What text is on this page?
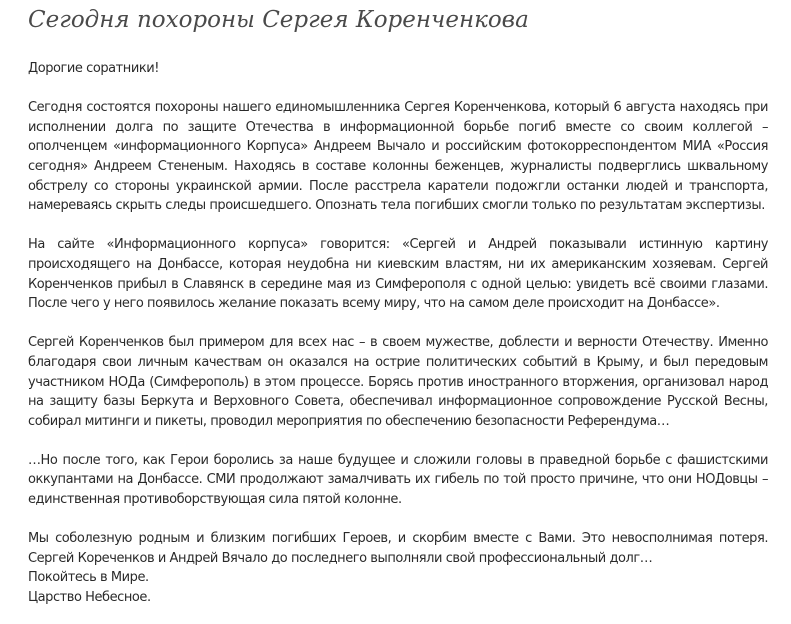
Сегодня похороны Сергея Коренченкова

Дорогие соратники!

Сегодня состоятся похороны нашего единомышленника Сергея Коренченкова, который 6 августа находясь при исполнении долга по защите Отечества в информационной борьбе погиб вместе со своим коллегой – ополченцем «информационного Корпуса» Андреем Вычало и российским фотокорреспондентом МИА «Россия сегодня» Андреем Стененым. Находясь в составе колонны беженцев, журналисты подверглись шквальному обстрелу со стороны украинской армии. После расстрела каратели подожгли останки людей и транспорта, намереваясь скрыть следы происшедшего. Опознать тела погибших смогли только по результатам экспертизы.

На сайте «Информационного корпуса» говорится: «Сергей и Андрей показывали истинную картину происходящего на Донбассе, которая неудобна ни киевским властям, ни их американским хозяевам. Сергей Коренченков прибыл в Славянск в середине мая из Симферополя с одной целью: увидеть всё своими глазами. После чего у него появилось желание показать всему миру, что на самом деле происходит на Донбассе».

Сергей Коренченков был примером для всех нас – в своем мужестве, доблести и верности Отечеству. Именно благодаря свои личным качествам он оказался на острие политических событий в Крыму, и был передовым участником НОДа (Симферополь) в этом процессе. Борясь против иностранного вторжения, организовал народ на защиту базы Беркута и Верховного Совета, обеспечивал информационное сопровождение Русской Весны, собирал митинги и пикеты, проводил мероприятия по обеспечению безопасности Референдума…

…Но после того, как Герои боролись за наше будущее и сложили головы в праведной борьбе с фашистскими оккупантами на Донбассе. СМИ продолжают замалчивать их гибель по той просто причине, что они НОДовцы – единственная противоборствующая сила пятой колонне.

Мы соболезную родным и близким погибших Героев, и скорбим вместе с Вами. Это невосполнимая потеря. Сергей Кореченков и Андрей Вячало до последнего выполняли свой профессиональный долг…

Покойтесь в Мире.

Царство Небесное.
